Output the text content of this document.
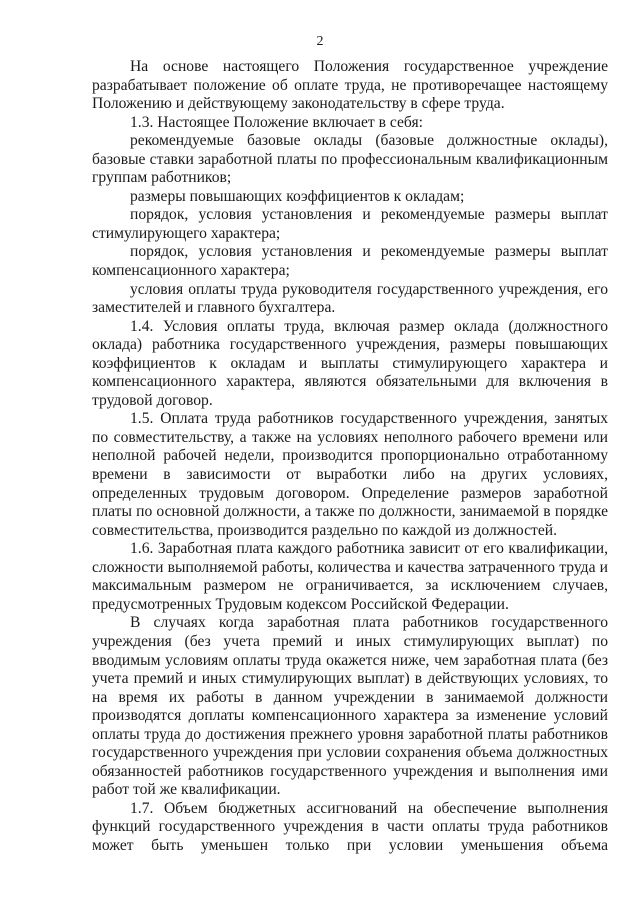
2

На основе настоящего Положения государственное учреждение разрабатывает положение об оплате труда, не противоречащее настоящему Положению и действующему законодательству в сфере труда.

1.3. Настоящее Положение включает в себя:

рекомендуемые базовые оклады (базовые должностные оклады), базовые ставки заработной платы по профессиональным квалификационным группам работников;

размеры повышающих коэффициентов к окладам;

порядок, условия установления и рекомендуемые размеры выплат стимулирующего характера;

порядок, условия установления и рекомендуемые размеры выплат компенсационного характера;

условия оплаты труда руководителя государственного учреждения, его заместителей и главного бухгалтера.

1.4. Условия оплаты труда, включая размер оклада (должностного оклада) работника государственного учреждения, размеры повышающих коэффициентов к окладам и выплаты стимулирующего характера и компенсационного характера, являются обязательными для включения в трудовой договор.

1.5. Оплата труда работников государственного учреждения, занятых по совместительству, а также на условиях неполного рабочего времени или неполной рабочей недели, производится пропорционально отработанному времени в зависимости от выработки либо на других условиях, определенных трудовым договором. Определение размеров заработной платы по основной должности, а также по должности, занимаемой в порядке совместительства, производится раздельно по каждой из должностей.

1.6. Заработная плата каждого работника зависит от его квалификации, сложности выполняемой работы, количества и качества затраченного труда и максимальным размером не ограничивается, за исключением случаев, предусмотренных Трудовым кодексом Российской Федерации.

В случаях когда заработная плата работников государственного учреждения (без учета премий и иных стимулирующих выплат) по вводимым условиям оплаты труда окажется ниже, чем заработная плата (без учета премий и иных стимулирующих выплат) в действующих условиях, то на время их работы в данном учреждении в занимаемой должности производятся доплаты компенсационного характера за изменение условий оплаты труда до достижения прежнего уровня заработной платы работников государственного учреждения при условии сохранения объема должностных обязанностей работников государственного учреждения и выполнения ими работ той же квалификации.

1.7. Объем бюджетных ассигнований на обеспечение выполнения функций государственного учреждения в части оплаты труда работников может быть уменьшен только при условии уменьшения объема
